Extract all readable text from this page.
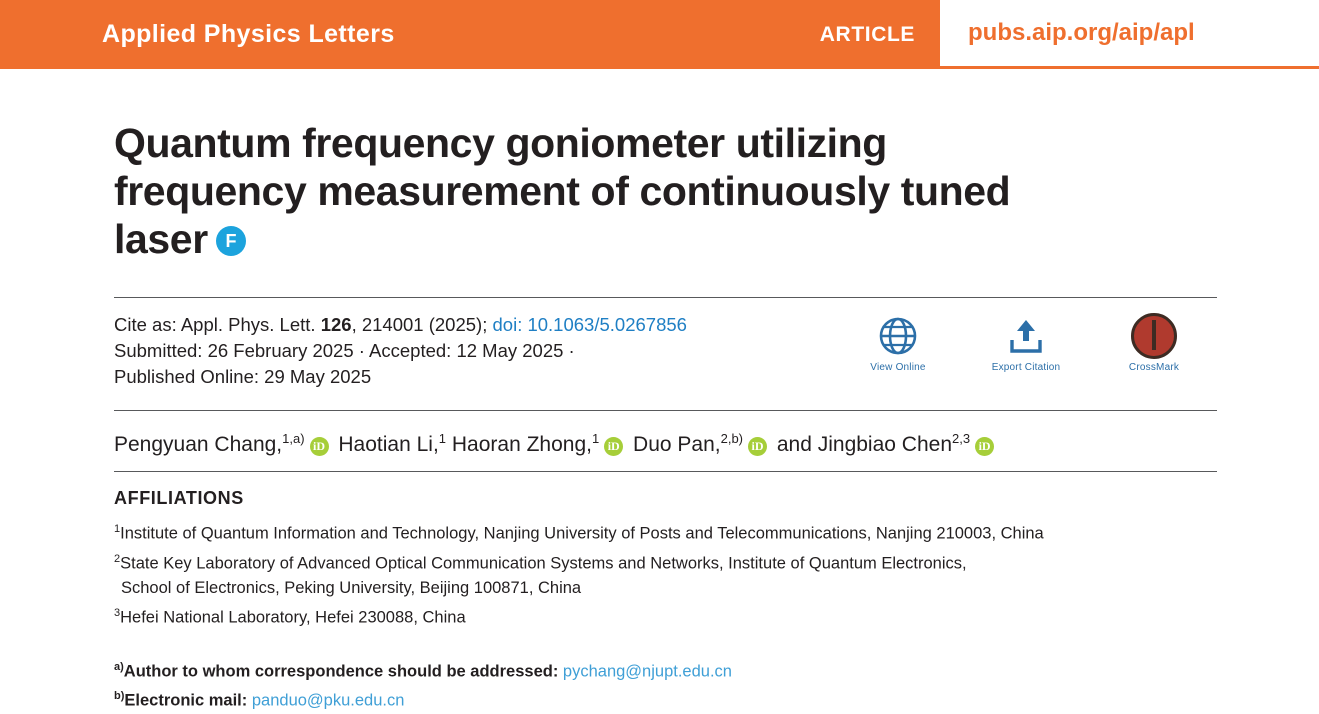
Applied Physics Letters	ARTICLE pubs.aip.org/aip/apl
Quantum frequency goniometer utilizing frequency measurement of continuously tuned laser F
Cite as: Appl. Phys. Lett. 126, 214001 (2025); doi: 10.1063/5.0267856
Submitted: 26 February 2025 · Accepted: 12 May 2025 ·
Published Online: 29 May 2025	View Online	Export Citation	CrossMark
Pengyuan Chang,$^{1,a)}$ iD Haotian Li,$^1$ Haoran Zhong,$^1$ iD Duo Pan,$^{2,b)}$ iD and Jingbiao Chen$^{2,3}$ iD
AFFILIATIONS
$^1$Institute of Quantum Information and Technology, Nanjing University of Posts and Telecommunications, Nanjing 210003, China
$^2$State Key Laboratory of Advanced Optical Communication Systems and Networks, Institute of Quantum Electronics,
School of Electronics, Peking University, Beijing 100871, China
$^3$Hefei National Laboratory, Hefei 230088, China
$^{a)}$Author to whom correspondence should be addressed: pychang@njupt.edu.cn
$^{b)}$Electronic mail: panduo@pku.edu.cn
